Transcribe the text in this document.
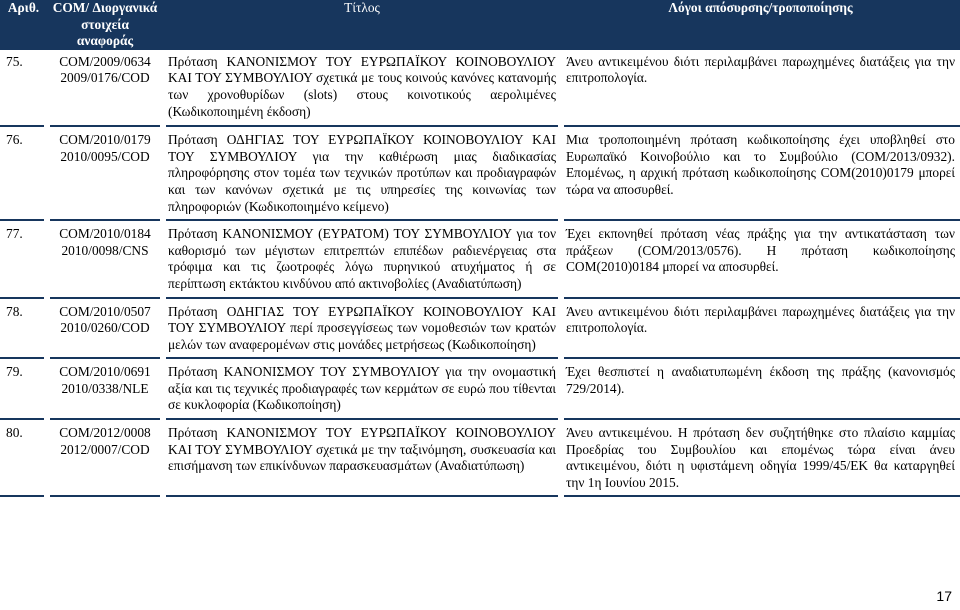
Αριθ.	COM/ Διοργανικά στοιχεία αναφοράς	Τίτλος	Λόγοι απόσυρσης/τροποποίησης

75.	COM/2009/0634
2009/0176/COD	Πρόταση ΚΑΝΟΝΙΣΜΟΥ ΤΟΥ ΕΥΡΩΠΑΪΚΟΥ ΚΟΙΝΟΒΟΥΛΙΟΥ ΚΑΙ ΤΟΥ ΣΥΜΒΟΥΛΙΟΥ σχετικά με τους κοινούς κανόνες κατανομής των χρονοθυρίδων (slots) στους κοινοτικούς αερολιμένες (Κωδικοποιημένη έκδοση)	Άνευ αντικειμένου διότι περιλαμβάνει παρωχημένες διατάξεις για την επιτροπολογία.

76.	COM/2010/0179
2010/0095/COD	Πρόταση ΟΔΗΓΙΑΣ ΤΟΥ ΕΥΡΩΠΑΪΚΟΥ ΚΟΙΝΟΒΟΥΛΙΟΥ ΚΑΙ ΤΟΥ ΣΥΜΒΟΥΛΙΟΥ για την καθιέρωση μιας διαδικασίας πληροφόρησης στον τομέα των τεχνικών προτύπων και προδιαγραφών και των κανόνων σχετικά με τις υπηρεσίες της κοινωνίας των πληροφοριών (Κωδικοποιημένο κείμενο)	Μια τροποποιημένη πρόταση κωδικοποίησης έχει υποβληθεί στο Ευρωπαϊκό Κοινοβούλιο και το Συμβούλιο (COM/2013/0932). Επομένως, η αρχική πρόταση κωδικοποίησης COM(2010)0179 μπορεί τώρα να αποσυρθεί.

77.	COM/2010/0184
2010/0098/CNS	Πρόταση ΚΑΝΟΝΙΣΜΟΥ (ΕΥΡΑΤΟΜ) ΤΟΥ ΣΥΜΒΟΥΛΙΟΥ για τον καθορισμό των μέγιστων επιτρεπτών επιπέδων ραδιενέργειας στα τρόφιμα και τις ζωοτροφές λόγω πυρηνικού ατυχήματος ή σε περίπτωση εκτάκτου κινδύνου από ακτινοβολίες (Αναδιατύπωση)	Έχει εκπονηθεί πρόταση νέας πράξης για την αντικατάσταση των πράξεων (COM/2013/0576). Η πρόταση κωδικοποίησης COM(2010)0184 μπορεί να αποσυρθεί.

78.	COM/2010/0507
2010/0260/COD	Πρόταση ΟΔΗΓΙΑΣ ΤΟΥ ΕΥΡΩΠΑΪΚΟΥ ΚΟΙΝΟΒΟΥΛΙΟΥ ΚΑΙ ΤΟΥ ΣΥΜΒΟΥΛΙΟΥ περί προσεγγίσεως των νομοθεσιών των κρατών μελών των αναφερομένων στις μονάδες μετρήσεως (Κωδικοποίηση)	Άνευ αντικειμένου διότι περιλαμβάνει παρωχημένες διατάξεις για την επιτροπολογία.

79.	COM/2010/0691
2010/0338/NLE	Πρόταση ΚΑΝΟΝΙΣΜΟΥ ΤΟΥ ΣΥΜΒΟΥΛΙΟΥ για την ονομαστική αξία και τις τεχνικές προδιαγραφές των κερμάτων σε ευρώ που τίθενται σε κυκλοφορία (Κωδικοποίηση)	Έχει θεσπιστεί η αναδιατυπωμένη έκδοση της πράξης (κανονισμός 729/2014).

80.	COM/2012/0008
2012/0007/COD	Πρόταση ΚΑΝΟΝΙΣΜΟΥ ΤΟΥ ΕΥΡΩΠΑΪΚΟΥ ΚΟΙΝΟΒΟΥΛΙΟΥ ΚΑΙ ΤΟΥ ΣΥΜΒΟΥΛΙΟΥ σχετικά με την ταξινόμηση, συσκευασία και επισήμανση των επικίνδυνων παρασκευασμάτων (Αναδιατύπωση)	Άνευ αντικειμένου. Η πρόταση δεν συζητήθηκε στο πλαίσιο καμμίας Προεδρίας του Συμβουλίου και επομένως τώρα είναι άνευ αντικειμένου, διότι η υφιστάμενη οδηγία 1999/45/ΕΚ θα καταργηθεί την 1η Ιουνίου 2015.

17
